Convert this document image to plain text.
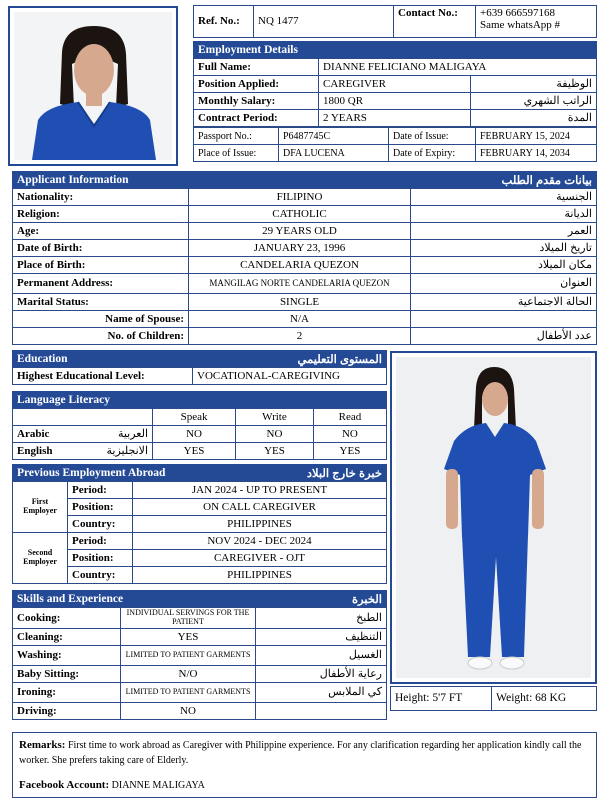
Ref. No.:	NQ 1477	Contact No.:	+639 666597168
Same whatsApp #
Employment Details
Full Name:	DIANNE FELICIANO MALIGAYA	
Position Applied:	CAREGIVER	الوظيفة
Monthly Salary:	1800 QR	الراتب الشهري
Contract Period:	2 YEARS	المدة
Passport No.:	P6487745C	Date of Issue:	FEBRUARY 15, 2024
Place of Issue:	DFA LUCENA	Date of Expiry:	FEBRUARY 14, 2034
Applicant Information	بيانات مقدم الطلب
Nationality:	FILIPINO	الجنسية
Religion:	CATHOLIC	الديانة
Age:	29 YEARS OLD	العمر
Date of Birth:	JANUARY 23, 1996	تاريخ الميلاد
Place of Birth:	CANDELARIA QUEZON	مكان الميلاد
Permanent Address:	MANGILAG NORTE CANDELARIA QUEZON	العنوان
Marital Status:	SINGLE	الحالة الاجتماعية
Name of Spouse:	N/A	
No. of Children:	2	عدد الأطفال
Education	المستوى التعليمي
Highest Educational Level:	VOCATIONAL-CAREGIVING
Language Literacy
	Speak	Write	Read
Arabic العربية	NO	NO	NO
English الانجليزية	YES	YES	YES
Previous Employment Abroad	خبرة خارج البلاد
First Employer	Period:	JAN 2024 - UP TO PRESENT
	Position:	ON CALL CAREGIVER
	Country:	PHILIPPINES
Second Employer	Period:	NOV 2024 - DEC 2024
	Position:	CAREGIVER - OJT
	Country:	PHILIPPINES
Skills and Experience	الخبرة
Cooking:	INDIVIDUAL SERVINGS FOR THE PATIENT	الطبخ
Cleaning:	YES	التنظيف
Washing:	LIMITED TO PATIENT GARMENTS	الغسيل
Baby Sitting:	N/O	رعاية الأطفال
Ironing:	LIMITED TO PATIENT GARMENTS	كي الملابس
Driving:	NO	
Height: 5'7 FT	Weight: 68 KG
Remarks: First time to work abroad as Caregiver with Philippine experience. For any clarification regarding her application kindly call the worker. She prefers taking care of Elderly.
Facebook Account: DIANNE MALIGAYA
